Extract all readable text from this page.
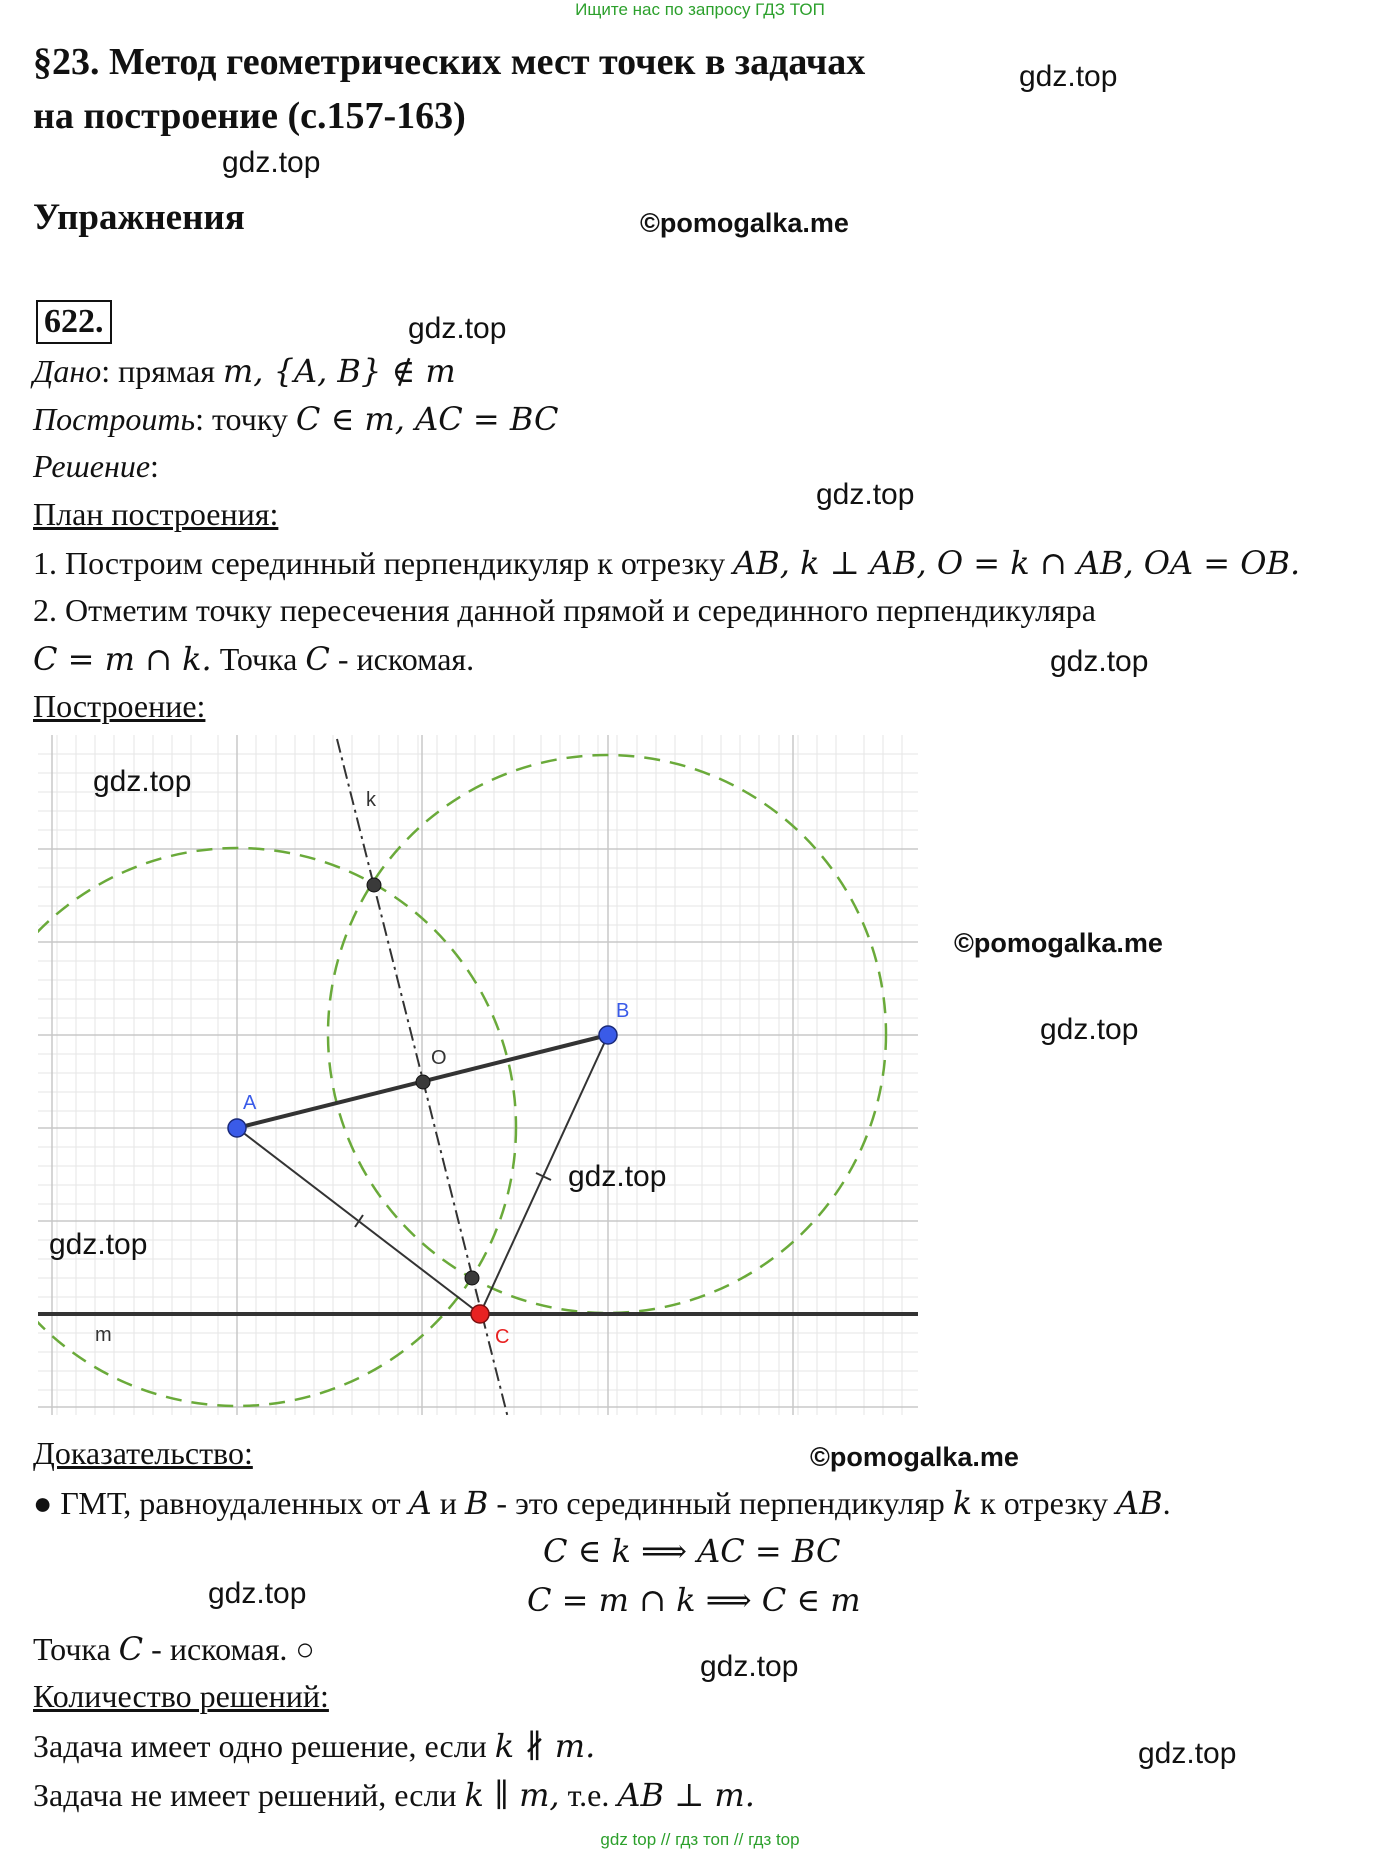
Ищите нас по запросу ГДЗ ТОП
§23. Метод геометрических мест точек в задачах
на построение (с.157-163)
gdz.top
gdz.top
Упражнения	©pomogalka.me
622.	gdz.top
Дано: прямая m, {A, B} ∉ m
Построить: точку C ∈ m, AC = BC
Решение:
gdz.top
План построения:
1. Построим серединный перпендикуляр к отрезку AB, k ⊥ AB, O = k ∩ AB, OA = OB.
2. Отметим точку пересечения данной прямой и серединного перпендикуляра
C = m ∩ k. Точка C - искомая.	gdz.top
Построение:
k
O
A
B
C
m
gdz.top
©pomogalka.me
gdz.top
gdz.top
gdz.top
Доказательство:	©pomogalka.me
● ГМТ, равноудаленных от A и B - это серединный перпендикуляр k к отрезку AB.
C ∈ k ⟹ AC = BC
C = m ∩ k ⟹ C ∈ m
gdz.top
Точка C - искомая. ○	gdz.top
Количество решений:
Задача имеет одно решение, если k ∦ m.	gdz.top
Задача не имеет решений, если k ∥ m, т.е. AB ⊥ m.
gdz top // гдз топ // гдз top
